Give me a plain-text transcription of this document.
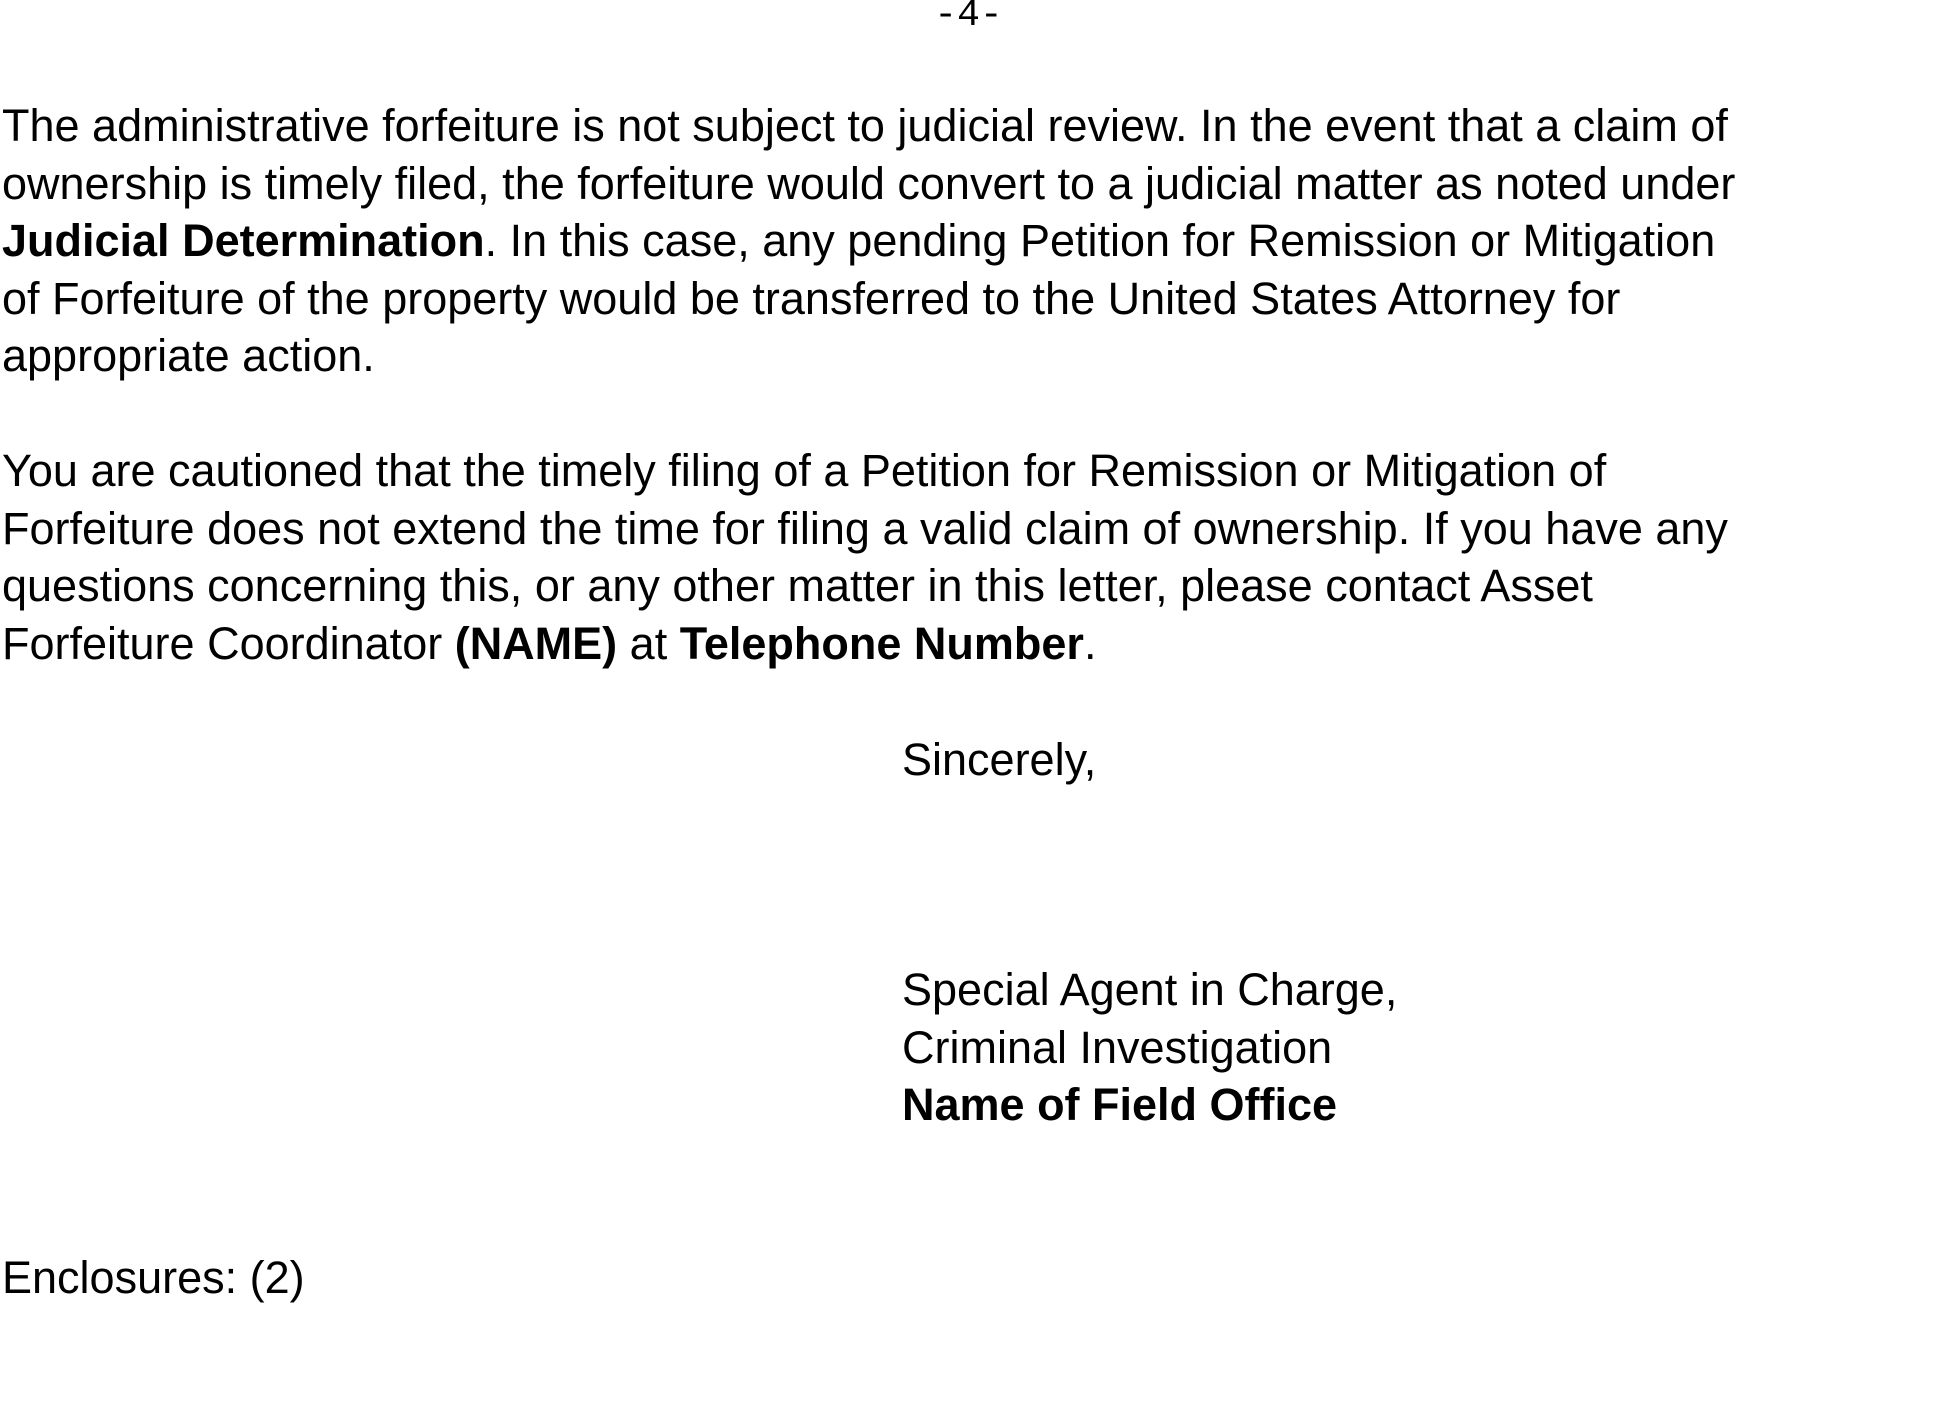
-4-

The administrative forfeiture is not subject to judicial review. In the event that a claim of
ownership is timely filed, the forfeiture would convert to a judicial matter as noted under
Judicial Determination. In this case, any pending Petition for Remission or Mitigation
of Forfeiture of the property would be transferred to the United States Attorney for
appropriate action.

You are cautioned that the timely filing of a Petition for Remission or Mitigation of
Forfeiture does not extend the time for filing a valid claim of ownership. If you have any
questions concerning this, or any other matter in this letter, please contact Asset
Forfeiture Coordinator (NAME) at Telephone Number.

Sincerely,
Special Agent in Charge,
Criminal Investigation
Name of Field Office
Enclosures: (2)
